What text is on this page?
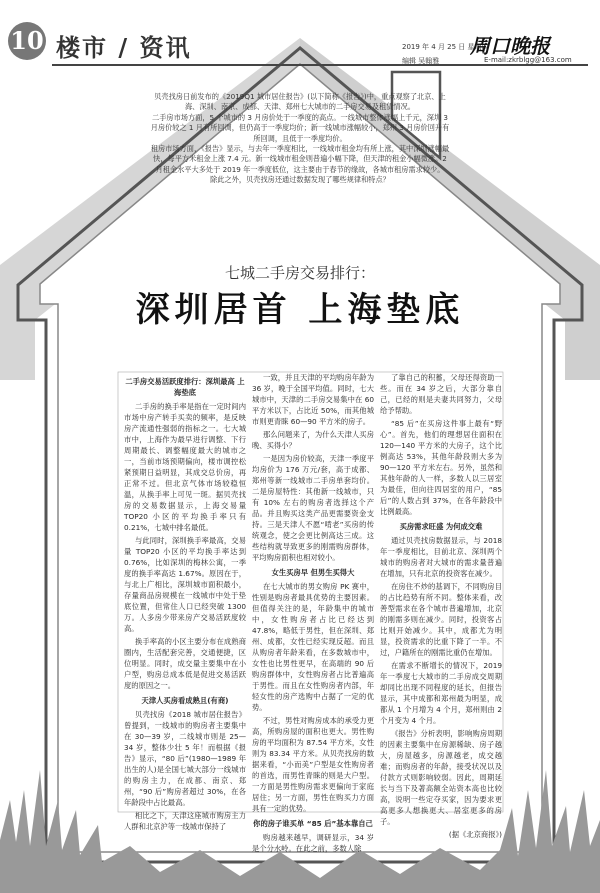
10 楼市 / 资讯	2019 年 4 月 25 日 星期四
编辑 吴翰雅	E-mail:zkrblgg@163.com
周口晚报

贝壳找房日前发布的《2019Q1 城市居住报告》(以下简称《报告》)中，重点观察了北京、上海、深圳、南京、成都、天津、郑州七大城市的二手房交易及租赁情况。

二手房市场方面，5 个城市的 3 月房价处于一季度的高点。一线城市整体涨幅上千元，深圳 3 月房价较之 1 月有所回调，但仍高于一季度均价；新一线城市涨幅较小，郑州 3 月房价回升有所回调，且低于一季度均价。

租房市场方面，《报告》显示，与去年一季度相比，一线城市租金均有所上涨，其中深圳涨幅最快，每平方米租金上涨 7.4 元。新一线城市租金则普遍小幅下降，但天津的租金小幅微涨。2 月租金水平大多处于 2019 年一季度低位，这主要由于春节的缘故，各城市租房需求较少。

除此之外，贝壳找房还通过数据发现了哪些规律和特点？

七城二手房交易排行：
深圳居首 上海垫底

二手房交易活跃度排行：深圳最高 上海垫底

二手房的换手率是指在一定时间内市场中房产转手买卖的频率，是反映房产流通性强弱的指标之一。七大城市中，上海作为最早进行调整、下行周期最长、调整幅度最大的城市之一，当前市场预期偏向，楼市调控松紧预期日益明显，其成交总价房，再正常不过。但北京气体市场较稳恒温，从换手率上可见一斑。据贝壳找房的交易数据显示，上海交易量 TOP20 小区的平均换手率只有 0.21%，七城中排名最低。

与此同时，深圳换手率最高，交易量 TOP20 小区的平均换手率达到 0.76%，比如深圳的梅林公寓，一季度的换手率高达 1.67%。原因在于，与北上广相比，深圳城市面积最小，存量商品房规模在一线城市中处于垫底位置，但常住人口已经突破 1300 万。人多房少带来房产交易活跃度较高。

换手率高的小区主要分布在成熟商圈内，生活配套完善，交通便捷，区位明显。同时，成交量主要集中在小户型，购房总成本低是促进交易活跃度的原因之一。

天津人买房看成熟且(有商)

贝壳找房《2018 城市居住报告》曾提到，一线城市的购房者主要集中在 30—39 岁，二线城市则是 25—34 岁，整体少壮 5 年！而根据《报告》显示，“80 后”(1980—1989 年出生的人)是全国七城大部分一线城市的购房主力，在成都、南京、郑州，“90 后”购房者超过 30%，在各年龄段中占比最高。

相比之下，天津这座城市购房主力人群和北京沪等一线城市保持了

一致，并且天津的平均购房年龄为 36 岁，晚于全国平均值。同时，七大城市中，天津的二手房交易集中在 60 平方米以下，占比近 50%，而其他城市则更青睐 60—90 平方米的房子。

那么问题来了，为什么天津人买房晚、买得小？

一是因为房价较高，天津一季度平均房价为 176 万元/套，高于成都、郑州等新一线城市二手房单套均价。二是房屋特性：其他新一线城市，只有 10% 左右的购房者选择这个产品。并且购买这类产品更需要资金支持。三是天津人不愿“啃老”买房的传统观念，使之会更比例高达三成。这些结构就导致更多的刚需购房群体，平均购房面积也相对较小。

女生买房早 但男生买得大

在七大城市的男女购房 PK 赛中，性别是购房者最具优势的主要因素。但值得关注的是，年龄集中的城市中，女性购房者占比已经达到 47.8%，略低于男性，但在深圳、郑州、成都，女性已经实现反超。而且从购房者年龄来看，在多数城市中，女性也比男性更早，在高端的 90 后购房群体中，女性购房者占比普遍高于男性。而且在女性购房者内部，年轻女性的房产选购中占据了一定的优势。

不过，男性对购房成本的承受力更高，所购房屋的面积也更大。男性购房的平均面积为 87.54 平方米，女性则为 83.34 平方米。从贝壳找房的数据来看，“小而美”户型是女性购房者的首选，而男性青睐的则是大户型。一方面是男性购房需求更偏向于家庭居住；另一方面，男性在购买力方面具有一定的优势。

你的房子谁买单 “85 后”基本靠自己

购房越来越早，调研显示，34 岁是个分水岭。在此之前，多数人除

了靠自己的积蓄，父母还得资助一些。而在 34 岁之后，大部分靠自己，已经的则是夫妻共同努力，父母给予帮助。

“85 后”在买房这件事上最有“野心”。首先，他们的理想居住面积在 120—140 平方米的大房子，这个比例高达 53%，其他年龄段则大多为 90—120 平方米左右。另外，虽然和其他年龄的人一样，多数人以三居室为最佳，但向往四居室的用户，“85 后”的人数占到 37%，在各年龄段中比例最高。

买房需求旺盛 为何成交难

通过贝壳找房数据显示，与 2018 年一季度相比，目前北京、深圳两个城市的购房者对大城市的需求量普遍在增加，只有北京的投资客在减少。

在房住不炒的基调下，不同购房目的占比趋势有所不同。整体来看，改善型需求在各个城市普遍增加，北京的刚需多则在减少。同时，投资客占比则开始减少。其中，成都尤为明显，投资需求的比重下降了一半。不过，户籍所在的刚需比重仍在增加。

在需求不断增长的情况下，2019 年一季度七大城市的二手房成交周期却同比出现不同程度的延长，但报告显示，其中成都和郑州最为明显，成都从 1 个月增为 4 个月，郑州则由 2 个月变为 4 个月。

《报告》分析表明，影响购房周期的因素主要集中在房源稀缺、房子越大，房屋越多，房源越老，成交越难；而购房者的年龄，接受状况以及付款方式则影响较弱。因此，周期延长与当下及著高额全站资本高也比较高，说明一些定夺买家，因为要求更高更多人想换更大、居室更多的房子。

(据《北京商报》)
